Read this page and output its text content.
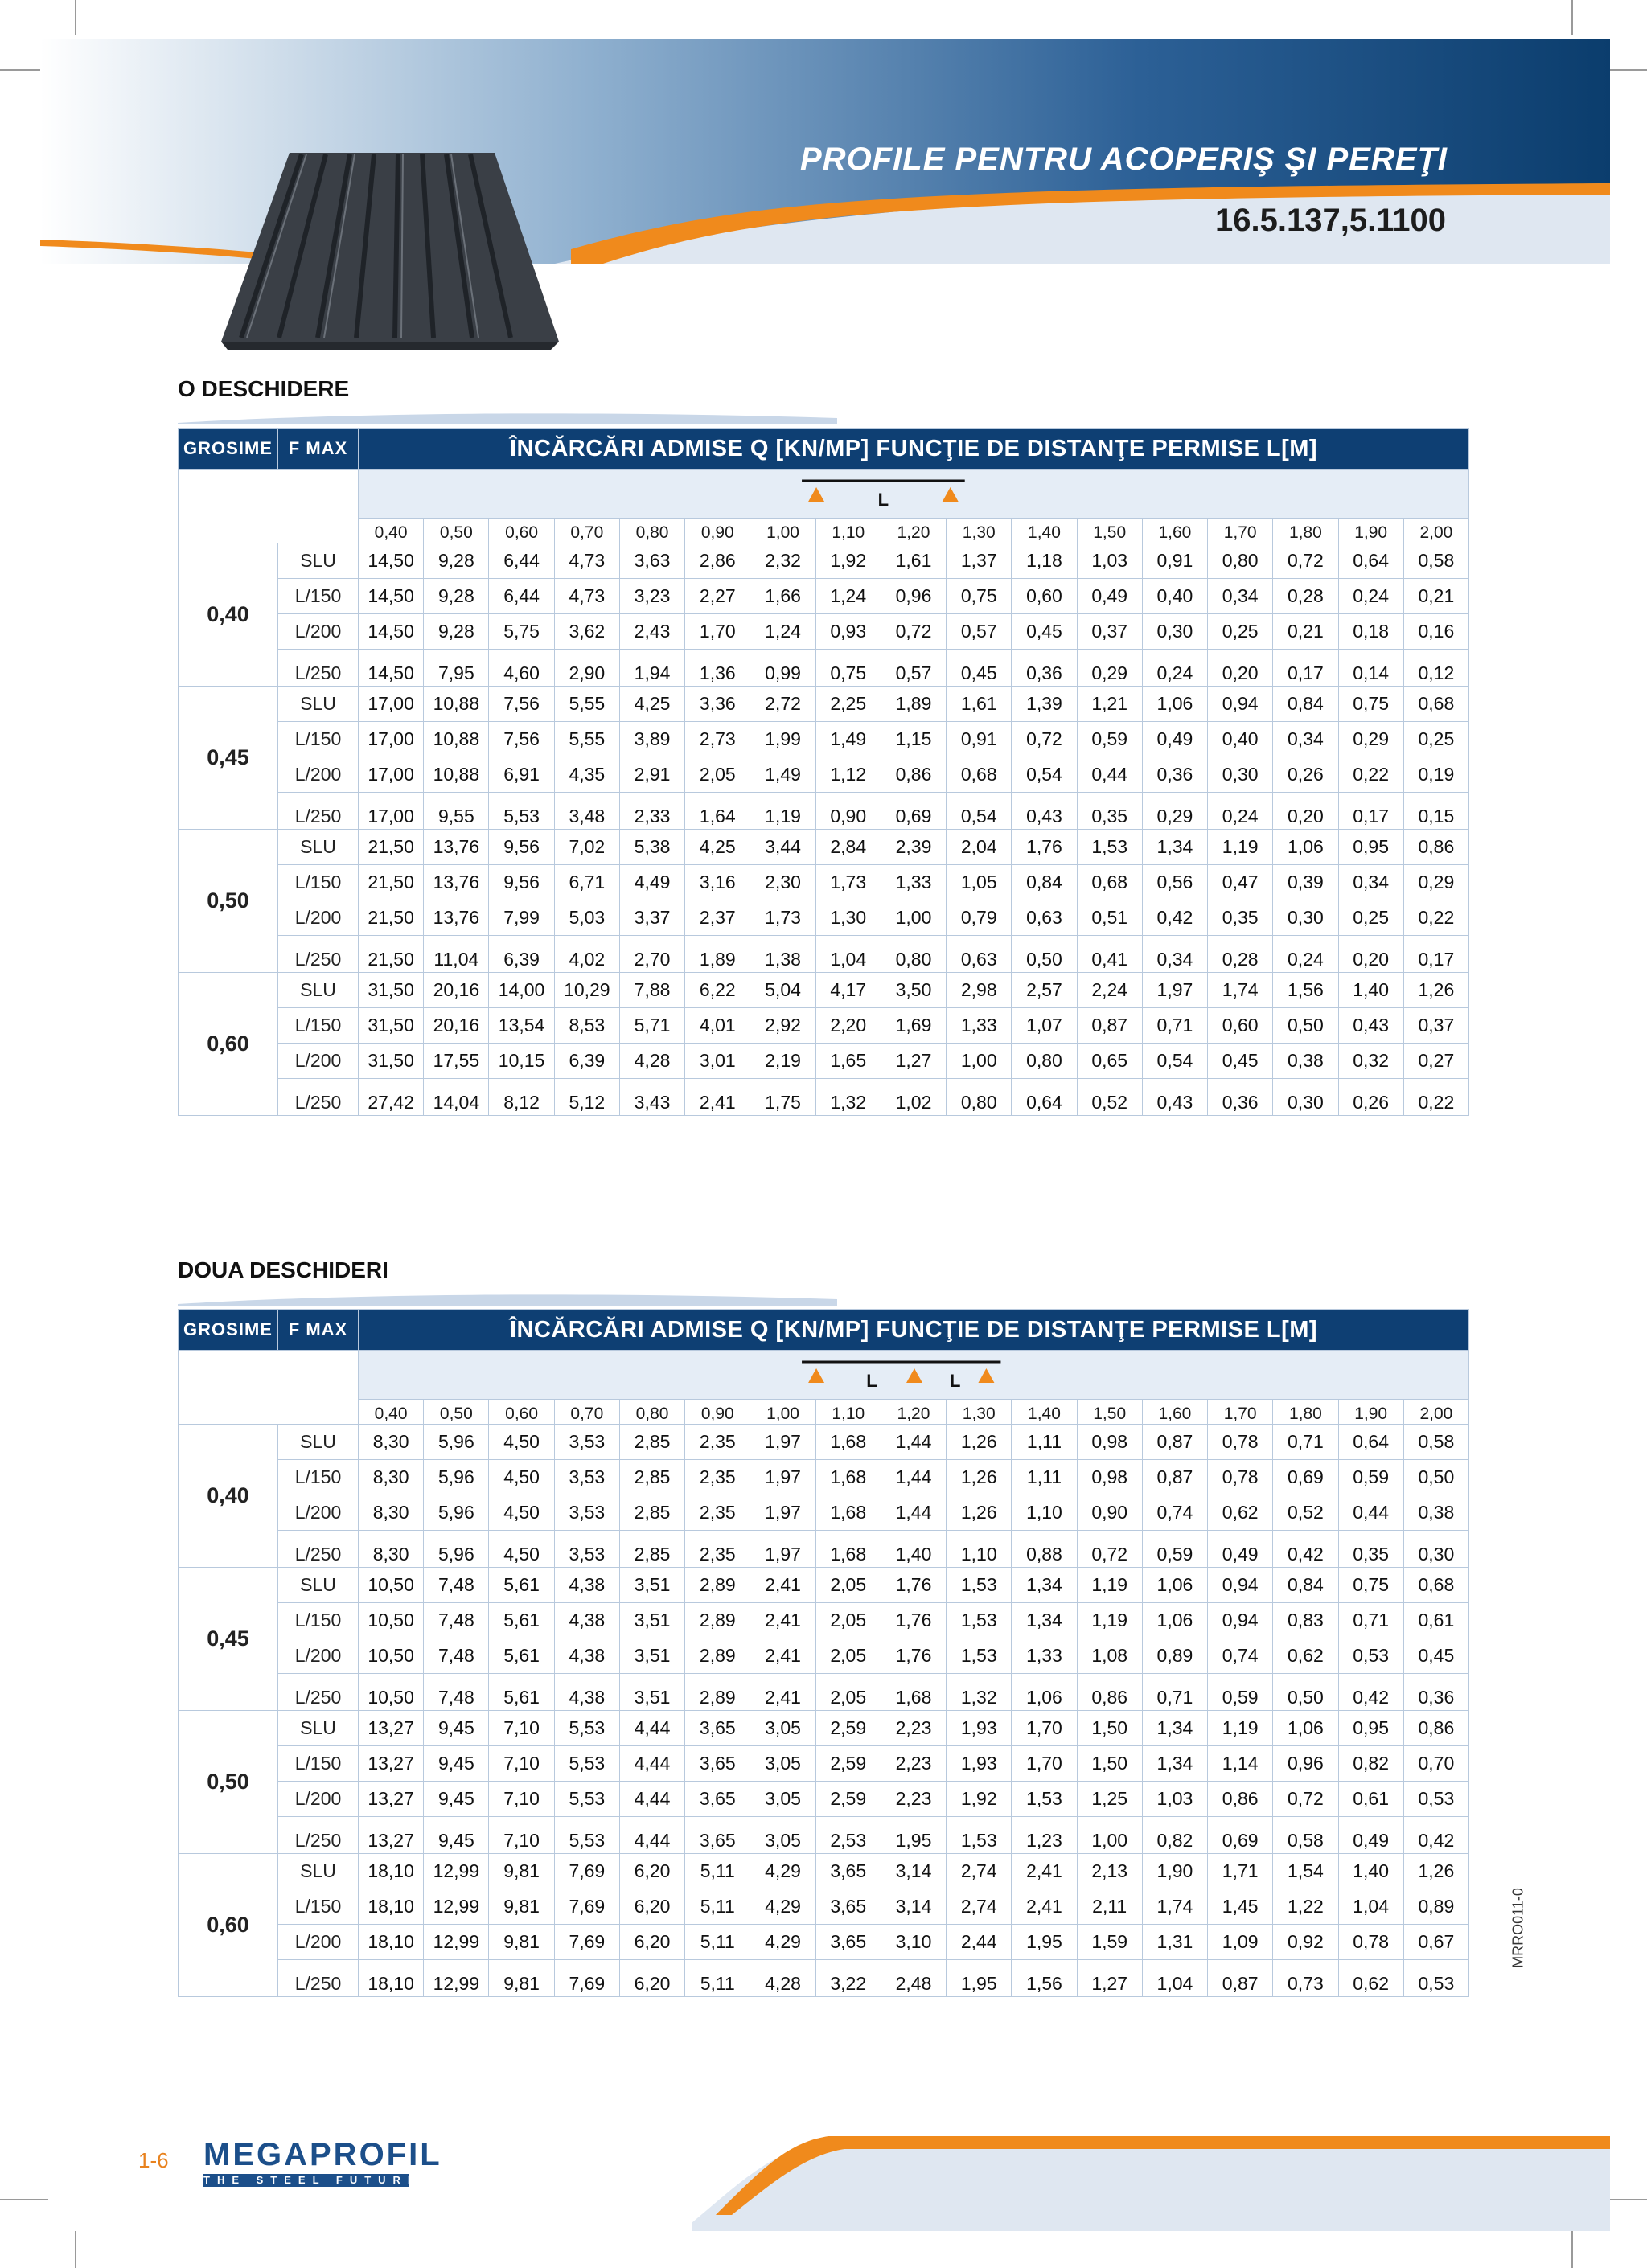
PROFILE PENTRU ACOPERIŞ ŞI PEREŢI
16.5.137,5.1100
O DESCHIDERE
GROSIME	F MAX	ÎNCĂRCĂRI ADMISE Q [KN/MP] FUNCŢIE DE DISTANŢE PERMISE L[M]																

L																

		0,40	0,50	0,60	0,70	0,80	0,90	1,00	1,10	1,20	1,30	1,40	1,50	1,60	1,70	1,80	1,90	2,00
0,40	SLU	14,50	9,28	6,44	4,73	3,63	2,86	2,32	1,92	1,61	1,37	1,18	1,03	0,91	0,80	0,72	0,64	0,58
	L/150	14,50	9,28	6,44	4,73	3,23	2,27	1,66	1,24	0,96	0,75	0,60	0,49	0,40	0,34	0,28	0,24	0,21
	L/200	14,50	9,28	5,75	3,62	2,43	1,70	1,24	0,93	0,72	0,57	0,45	0,37	0,30	0,25	0,21	0,18	0,16
	L/250	14,50	7,95	4,60	2,90	1,94	1,36	0,99	0,75	0,57	0,45	0,36	0,29	0,24	0,20	0,17	0,14	0,12
0,45	SLU	17,00	10,88	7,56	5,55	4,25	3,36	2,72	2,25	1,89	1,61	1,39	1,21	1,06	0,94	0,84	0,75	0,68
	L/150	17,00	10,88	7,56	5,55	3,89	2,73	1,99	1,49	1,15	0,91	0,72	0,59	0,49	0,40	0,34	0,29	0,25
	L/200	17,00	10,88	6,91	4,35	2,91	2,05	1,49	1,12	0,86	0,68	0,54	0,44	0,36	0,30	0,26	0,22	0,19
	L/250	17,00	9,55	5,53	3,48	2,33	1,64	1,19	0,90	0,69	0,54	0,43	0,35	0,29	0,24	0,20	0,17	0,15
0,50	SLU	21,50	13,76	9,56	7,02	5,38	4,25	3,44	2,84	2,39	2,04	1,76	1,53	1,34	1,19	1,06	0,95	0,86
	L/150	21,50	13,76	9,56	6,71	4,49	3,16	2,30	1,73	1,33	1,05	0,84	0,68	0,56	0,47	0,39	0,34	0,29
	L/200	21,50	13,76	7,99	5,03	3,37	2,37	1,73	1,30	1,00	0,79	0,63	0,51	0,42	0,35	0,30	0,25	0,22
	L/250	21,50	11,04	6,39	4,02	2,70	1,89	1,38	1,04	0,80	0,63	0,50	0,41	0,34	0,28	0,24	0,20	0,17
0,60	SLU	31,50	20,16	14,00	10,29	7,88	6,22	5,04	4,17	3,50	2,98	2,57	2,24	1,97	1,74	1,56	1,40	1,26
	L/150	31,50	20,16	13,54	8,53	5,71	4,01	2,92	2,20	1,69	1,33	1,07	0,87	0,71	0,60	0,50	0,43	0,37
	L/200	31,50	17,55	10,15	6,39	4,28	3,01	2,19	1,65	1,27	1,00	0,80	0,65	0,54	0,45	0,38	0,32	0,27
	L/250	27,42	14,04	8,12	5,12	3,43	2,41	1,75	1,32	1,02	0,80	0,64	0,52	0,43	0,36	0,30	0,26	0,22
DOUA DESCHIDERI
GROSIME	F MAX	ÎNCĂRCĂRI ADMISE Q [KN/MP] FUNCŢIE DE DISTANŢE PERMISE L[M]																

L L																

		0,40	0,50	0,60	0,70	0,80	0,90	1,00	1,10	1,20	1,30	1,40	1,50	1,60	1,70	1,80	1,90	2,00
0,40	SLU	8,30	5,96	4,50	3,53	2,85	2,35	1,97	1,68	1,44	1,26	1,11	0,98	0,87	0,78	0,71	0,64	0,58
	L/150	8,30	5,96	4,50	3,53	2,85	2,35	1,97	1,68	1,44	1,26	1,11	0,98	0,87	0,78	0,69	0,59	0,50
	L/200	8,30	5,96	4,50	3,53	2,85	2,35	1,97	1,68	1,44	1,26	1,10	0,90	0,74	0,62	0,52	0,44	0,38
	L/250	8,30	5,96	4,50	3,53	2,85	2,35	1,97	1,68	1,40	1,10	0,88	0,72	0,59	0,49	0,42	0,35	0,30
0,45	SLU	10,50	7,48	5,61	4,38	3,51	2,89	2,41	2,05	1,76	1,53	1,34	1,19	1,06	0,94	0,84	0,75	0,68
	L/150	10,50	7,48	5,61	4,38	3,51	2,89	2,41	2,05	1,76	1,53	1,34	1,19	1,06	0,94	0,83	0,71	0,61
	L/200	10,50	7,48	5,61	4,38	3,51	2,89	2,41	2,05	1,76	1,53	1,33	1,08	0,89	0,74	0,62	0,53	0,45
	L/250	10,50	7,48	5,61	4,38	3,51	2,89	2,41	2,05	1,68	1,32	1,06	0,86	0,71	0,59	0,50	0,42	0,36
0,50	SLU	13,27	9,45	7,10	5,53	4,44	3,65	3,05	2,59	2,23	1,93	1,70	1,50	1,34	1,19	1,06	0,95	0,86
	L/150	13,27	9,45	7,10	5,53	4,44	3,65	3,05	2,59	2,23	1,93	1,70	1,50	1,34	1,14	0,96	0,82	0,70
	L/200	13,27	9,45	7,10	5,53	4,44	3,65	3,05	2,59	2,23	1,92	1,53	1,25	1,03	0,86	0,72	0,61	0,53
	L/250	13,27	9,45	7,10	5,53	4,44	3,65	3,05	2,53	1,95	1,53	1,23	1,00	0,82	0,69	0,58	0,49	0,42
0,60	SLU	18,10	12,99	9,81	7,69	6,20	5,11	4,29	3,65	3,14	2,74	2,41	2,13	1,90	1,71	1,54	1,40	1,26
	L/150	18,10	12,99	9,81	7,69	6,20	5,11	4,29	3,65	3,14	2,74	2,41	2,11	1,74	1,45	1,22	1,04	0,89
	L/200	18,10	12,99	9,81	7,69	6,20	5,11	4,29	3,65	3,10	2,44	1,95	1,59	1,31	1,09	0,92	0,78	0,67
	L/250	18,10	12,99	9,81	7,69	6,20	5,11	4,28	3,22	2,48	1,95	1,56	1,27	1,04	0,87	0,73	0,62	0,53
MRRO011-0
1-6 MEGAPROFIL
THE STEEL FUTURE
